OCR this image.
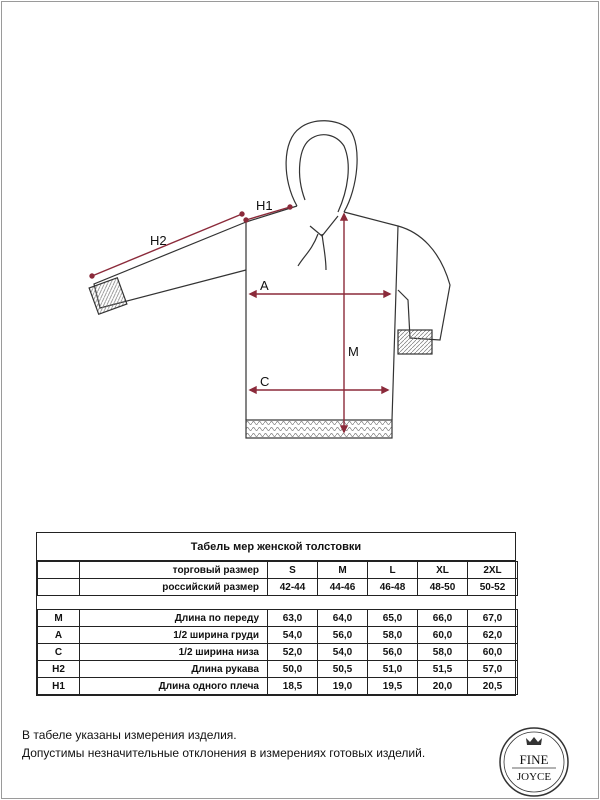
H1
H2
A
C
M
Табель мер женской толстовки
	торговый размер	S	M	L	XL	2XL
	российский размер	42-44	44-46	46-48	48-50	50-52

M	Длина по переду	63,0	64,0	65,0	66,0	67,0
A	1/2 ширина груди	54,0	56,0	58,0	60,0	62,0
C	1/2 ширина низа	52,0	54,0	56,0	58,0	60,0
H2	Длина рукава	50,0	50,5	51,0	51,5	57,0
H1	Длина одного плеча	18,5	19,0	19,5	20,0	20,5
В табеле указаны измерения изделия.
Допустимы незначительные отклонения в измерениях готовых изделий.	FINE
JOYCE
